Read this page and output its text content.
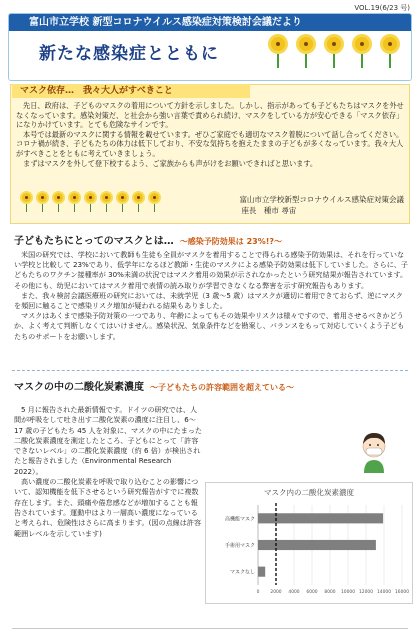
VOL.19(6/23 号)
富山市立学校 新型コロナウイルス感染症対策検討会議だより
新たな感染症とともに
マスク依存…　我々大人がすべきこと

先日、政府は、子どものマスクの着用について方針を示しました。しかし、指示があっても子どもたちはマスクを外せなくなっています。感染対策だ、と社会から強い言葉で責められ続け、マスクをしている方が安心できる「マスク依存」になりかけています。とても危険なサインです。

本号では最新のマスクに関する情報を載せています。ぜひご家庭でも適切なマスク着脱について話し合ってください。コロナ禍が続き、子どもたちの体力は低下しており、不安な気持ちを抱えたままの子どもが多くなっています。我々大人がすべきことをともに考えていきましょう。

まずはマスクを外して登下校するよう、ご家族からも声がけをお願いできればと思います。

富山市立学校新型コロナウイルス感染症対策会議
座長　種市 尋宙
子どもたちにとってのマスクとは… ～感染予防効果は 23%!?～

米国の研究では、学校において教師も生徒も全員がマスクを着用することで得られる感染予防効果は、それを行っていない学校と比較して 23%であり、低学年になるほど教師・生徒のマスクによる感染予防効果は低下していました。さらに、子どもたちのワクチン接種率が 30%未満の状況ではマスク着用の効果が示されなかったという研究結果が報告されています。その他にも、幼児においてはマスク着用で表情の読み取りが学習できなくなる弊害を示す研究報告もあります。

また、我々検討会議医療班の研究においては、未就学児（3 歳～5 歳）はマスクが適切に着用できておらず、逆にマスクを頻回に触ることで感染リスク増加が疑われる結果もありました。

マスクはあくまで感染予防対策の一つであり、年齢によってもその効果やリスクは様々ですので、着用させるべきかどうか、よく考えて判断しなくてはいけません。感染状況、気象条件などを勘案し、バランスをもって対応していくよう子どもたちのサポートをお願いします。

マスクの中の二酸化炭素濃度 ～子どもたちの許容範囲を超えている～

5 月に報告された最新情報です。ドイツの研究では、人間が呼吸をして吐き出す二酸化炭素の濃度に注目し、6～17 歳の子どもたち 45 人を対象に、マスクの中にたまった二酸化炭素濃度を測定したところ、子どもにとって「許容できないレベル」の二酸化炭素濃度（約 6 倍）が検出されたと報告されました（Environmental Research　2022）。

高い濃度の二酸化炭素を呼吸で取り込むことの影響について、認知機能を低下させるという研究報告がすでに複数存在します。また、頭痛や倦怠感などが増加することも報告されています。運動中はより一層高い濃度になっていると考えられ、危険性はさらに高まります。(図の点線は許容範囲レベルを示しています)

マスク内の二酸化炭素濃度
0	2000 4000 6000 8000 10000 12000 14000 16000
高機能マスク
手術用マスク
マスクなし
